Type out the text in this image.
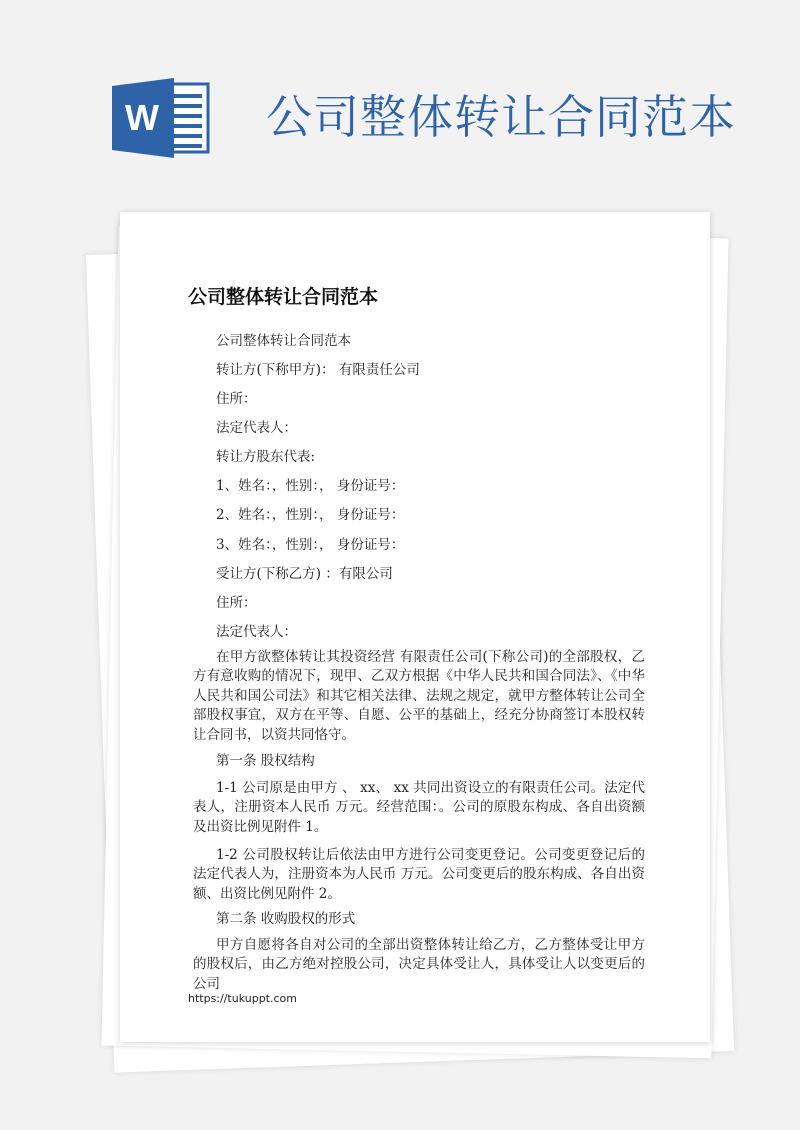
W 公司整体转让合同范本
公司整体转让合同范本

公司整体转让合同范本

转让方(下称甲方)： 有限责任公司

住所：

法定代表人：

转让方股东代表:

1、姓名：，性别：， 身份证号：

2、姓名：，性别：， 身份证号：

3、姓名：，性别：， 身份证号：

受让方(下称乙方) ：有限公司

住所：

法定代表人：

在甲方欲整体转让其投资经营 有限责任公司(下称公司)的全部股权，乙方有意收购的情况下，现甲、乙双方根据《中华人民共和国合同法》、《中华人民共和国公司法》和其它相关法律、法规之规定，就甲方整体转让公司全部股权事宜，双方在平等、自愿、公平的基础上，经充分协商签订本股权转让合同书，以资共同恪守。

第一条 股权结构

1-1 公司原是由甲方 、 xx、 xx 共同出资设立的有限责任公司。法定代表人，注册资本人民币 万元。经营范围：。公司的原股东构成、各自出资额及出资比例见附件 1。

1-2 公司股权转让后依法由甲方进行公司变更登记。公司变更登记后的法定代表人为，注册资本为人民币 万元。公司变更后的股东构成、各自出资额、出资比例见附件 2。

第二条 收购股权的形式

甲方自愿将各自对公司的全部出资整体转让给乙方，乙方整体受让甲方的股权后，由乙方绝对控股公司，决定具体受让人，具体受让人以变更后的公司

https://tukuppt.com
